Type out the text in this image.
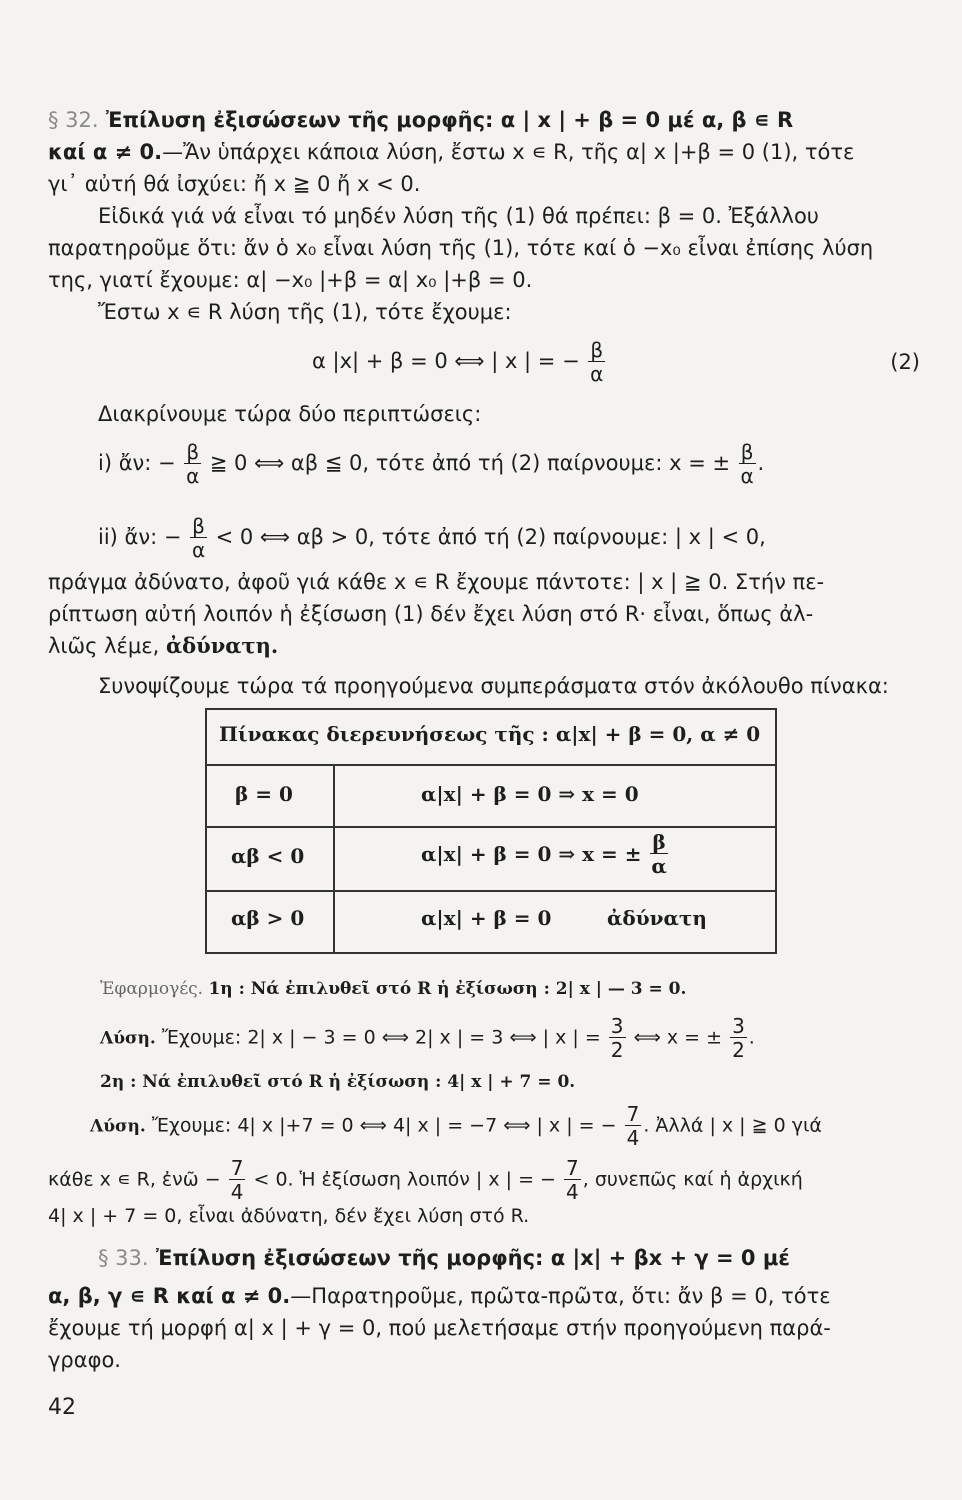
§ 32. Ἐπίλυση ἐξισώσεων τῆς μορφῆς: α | x | + β = 0 μέ α, β ∊ R
καί α ≠ 0.—Ἄν ὑπάρχει κάποια λύση, ἔστω x ∊ R, τῆς α| x |+β = 0 (1), τότε
γι᾽ αὐτή θά ἰσχύει: ἤ x ≧ 0 ἤ x < 0.
Εἰδικά γιά νά εἶναι τό μηδέν λύση τῆς (1) θά πρέπει: β = 0. Ἐξάλλου
παρατηροῦμε ὅτι: ἄν ὁ x₀ εἶναι λύση τῆς (1), τότε καί ὁ −x₀ εἶναι ἐπίσης λύση
της, γιατί ἔχουμε: α| −x₀ |+β = α| x₀ |+β = 0.
Ἔστω x ∊ R λύση τῆς (1), τότε ἔχουμε:
α |x| + β = 0 ⟺ | x | = − $\frac{\beta}{\alpha}$	(2)
Διακρίνουμε τώρα δύο περιπτώσεις:
i) ἄν: − $\frac{\beta}{\alpha}$ ≧ 0 ⟺ αβ ≦ 0, τότε ἀπό τή (2) παίρνουμε: x = ± $\frac{\beta}{\alpha}$ .
ii) ἄν: − $\frac{\beta}{\alpha} < 0$ ⟺ αβ > 0, τότε ἀπό τή (2) παίρνουμε: | x | < 0,
πράγμα ἀδύνατο, ἀφοῦ γιά κάθε x ∊ R ἔχουμε πάντοτε: | x | ≧ 0. Στήν πε-
ρίπτωση αὐτή λοιπόν ἡ ἐξίσωση (1) δέν ἔχει λύση στό R· εἶναι, ὅπως ἀλ-
λιῶς λέμε, ἀδύνατη.
Συνοψίζουμε τώρα τά προηγούμενα συμπεράσματα στόν ἀκόλουθο πίνακα:
Πίνακας διερευνήσεως τῆς : α|x| + β = 0, α ≠ 0
β = 0	α|x| + β = 0 ⇒ x = 0
αβ < 0	α|x| + β = 0 ⇒ x = ± $\frac{\beta}{\alpha}$
αβ > 0	α|x| + β = 0	ἀδύνατη
Ἐφαρμογές. 1η : Νά ἐπιλυθεῖ στό R ἡ ἐξίσωση : 2| x | — 3 = 0.
Λύση. Ἔχουμε: 2| x | − 3 = 0 ⟺ 2| x | = 3 ⟺ | x | = $\frac{3}{2}$ ⟺ x = ± $\frac{3}{2}$ .
2η : Νά ἐπιλυθεῖ στό R ἡ ἐξίσωση : 4| x | + 7 = 0.
Λύση. Ἔχουμε: 4| x |+7 = 0 ⟺ 4| x | = −7 ⟺ | x | = − $\frac{7}{4}$ . Ἀλλά | x | ≧ 0 γιά
κάθε x ∊ R, ἐνῶ − $\frac{7}{4} < 0$. Ἡ ἐξίσωση λοιπόν | x | = − $\frac{7}{4}$ , συνεπῶς καί ἡ ἀρχική
4| x | + 7 = 0, εἶναι ἀδύνατη, δέν ἔχει λύση στό R.
§ 33. Ἐπίλυση ἐξισώσεων τῆς μορφῆς: α |x| + βx + γ = 0 μέ
α, β, γ ∊ R καί α ≠ 0.—Παρατηροῦμε, πρῶτα-πρῶτα, ὅτι: ἄν β = 0, τότε
ἔχουμε τή μορφή α| x | + γ = 0, πού μελετήσαμε στήν προηγούμενη παρά-
γραφο.
42
